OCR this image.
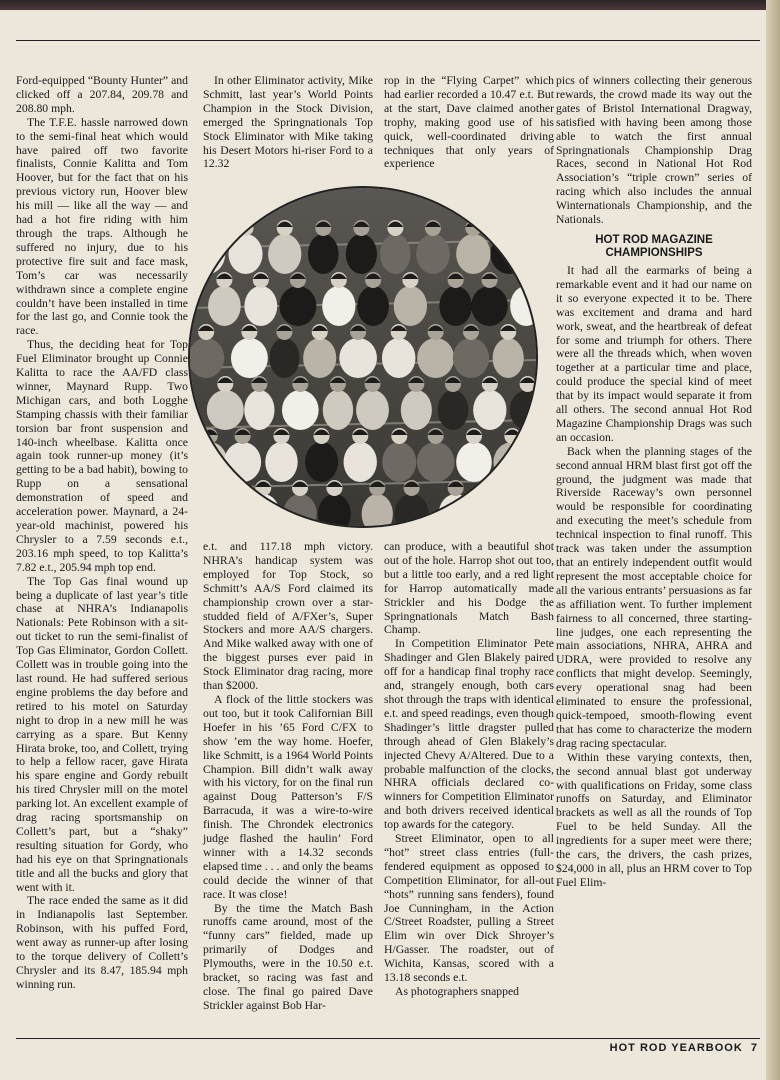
Ford-equipped “Bounty Hunter” and clicked off a 207.84, 209.78 and 208.80 mph.

The T.F.E. hassle narrowed down to the semi-final heat which would have paired off two favorite finalists, Connie Kalitta and Tom Hoover, but for the fact that on his previous victory run, Hoover blew his mill — like all the way — and had a hot fire riding with him through the traps. Although he suffered no injury, due to his protective fire suit and face mask, Tom’s car was necessarily withdrawn since a complete engine couldn’t have been installed in time for the last go, and Connie took the race.

Thus, the deciding heat for Top Fuel Eliminator brought up Connie Kalitta to race the AA/FD class winner, Maynard Rupp. Two Michigan cars, and both Logghe Stamping chassis with their familiar torsion bar front suspension and 140-inch wheelbase. Kalitta once again took runner-up money (it’s getting to be a bad habit), bowing to Rupp on a sensational demonstration of speed and acceleration power. Maynard, a 24-year-old machinist, powered his Chrysler to a 7.59 seconds e.t., 203.16 mph speed, to top Kalitta’s 7.82 e.t., 205.94 mph top end.

The Top Gas final wound up being a duplicate of last year’s title chase at NHRA’s Indianapolis Nationals: Pete Robinson with a sit-out ticket to run the semi-finalist of Top Gas Eliminator, Gordon Collett. Collett was in trouble going into the last round. He had suffered serious engine problems the day before and retired to his motel on Saturday night to drop in a new mill he was carrying as a spare. But Kenny Hirata broke, too, and Collett, trying to help a fellow racer, gave Hirata his spare engine and Gordy rebuilt his tired Chrysler mill on the motel parking lot. An excellent example of drag racing sportsmanship on Collett’s part, but a “shaky” resulting situation for Gordy, who had his eye on that Springnationals title and all the bucks and glory that went with it.

The race ended the same as it did in Indianapolis last September. Robinson, with his puffed Ford, went away as runner-up after losing to the torque delivery of Collett’s Chrysler and its 8.47, 185.94 mph winning run.

In other Eliminator activity, Mike Schmitt, last year’s World Points Champion in the Stock Division, emerged the Springnationals Top Stock Eliminator with Mike taking his Desert Motors hi-riser Ford to a 12.32

e.t. and 117.18 mph victory. NHRA’s handicap system was employed for Top Stock, so Schmitt’s AA/S Ford claimed its championship crown over a star-studded field of A/FXer’s, Super Stockers and more AA/S chargers. And Mike walked away with one of the biggest purses ever paid in Stock Eliminator drag racing, more than $2000.

A flock of the little stockers was out too, but it took Californian Bill Hoefer in his ’65 Ford C/FX to show ’em the way home. Hoefer, like Schmitt, is a 1964 World Points Champion. Bill didn’t walk away with his victory, for on the final run against Doug Patterson’s F/S Barracuda, it was a wire-to-wire finish. The Chrondek electronics judge flashed the haulin’ Ford winner with a 14.32 seconds elapsed time . . . and only the beams could decide the winner of that race. It was close!

By the time the Match Bash runoffs came around, most of the “funny cars” fielded, made up primarily of Dodges and Plymouths, were in the 10.50 e.t. bracket, so racing was fast and close. The final go paired Dave Strickler against Bob Har-

rop in the “Flying Carpet” which had earlier recorded a 10.47 e.t. But at the start, Dave claimed another trophy, making good use of his quick, well-coordinated driving techniques that only years of experience

can produce, with a beautiful shot out of the hole. Harrop shot out too, but a little too early, and a red light for Harrop automatically made Strickler and his Dodge the Springnationals Match Bash Champ.

In Competition Eliminator Pete Shadinger and Glen Blakely paired off for a handicap final trophy race and, strangely enough, both cars shot through the traps with identical e.t. and speed readings, even though Shadinger’s little dragster pulled through ahead of Glen Blakely’s injected Chevy A/Altered. Due to a probable malfunction of the clocks, NHRA officials declared co-winners for Competition Eliminator and both drivers received identical top awards for the category.

Street Eliminator, open to all “hot” street class entries (full-fendered equipment as opposed to Competition Eliminator, for all-out “hots” running sans fenders), found Joe Cunningham, in the Action C/Street Roadster, pulling a Street Elim win over Dick Shroyer’s H/Gasser. The roadster, out of Wichita, Kansas, scored with a 13.18 seconds e.t.

As photographers snapped

pics of winners collecting their generous rewards, the crowd made its way out the gates of Bristol International Dragway, satisfied with having been among those able to watch the first annual Springnationals Championship Drag Races, second in National Hot Rod Association’s “triple crown” series of racing which also includes the annual Winternationals Championship, and the Nationals.

HOT ROD MAGAZINE CHAMPIONSHIPS

It had all the earmarks of being a remarkable event and it had our name on it so everyone expected it to be. There was excitement and drama and hard work, sweat, and the heartbreak of defeat for some and triumph for others. There were all the threads which, when woven together at a particular time and place, could produce the special kind of meet that by its impact would separate it from all others. The second annual Hot Rod Magazine Championship Drags was such an occasion.

Back when the planning stages of the second annual HRM blast first got off the ground, the judgment was made that Riverside Raceway’s own personnel would be responsible for coordinating and executing the meet’s schedule from technical inspection to final runoff. This track was taken under the assumption that an entirely independent outfit would represent the most acceptable choice for all the various entrants’ persuasions as far as affiliation went. To further implement fairness to all concerned, three starting-line judges, one each representing the main associations, NHRA, AHRA and UDRA, were provided to resolve any conflicts that might develop. Seemingly, every operational snag had been eliminated to ensure the professional, quick-tempoed, smooth-flowing event that has come to characterize the modern drag racing spectacular.

Within these varying contexts, then, the second annual blast got underway with qualifications on Friday, some class runoffs on Saturday, and Eliminator brackets as well as all the rounds of Top Fuel to be held Sunday. All the ingredients for a super meet were there; the cars, the drivers, the cash prizes, $24,000 in all, plus an HRM cover to Top Fuel Elim-

HOT ROD YEARBOOK 7
